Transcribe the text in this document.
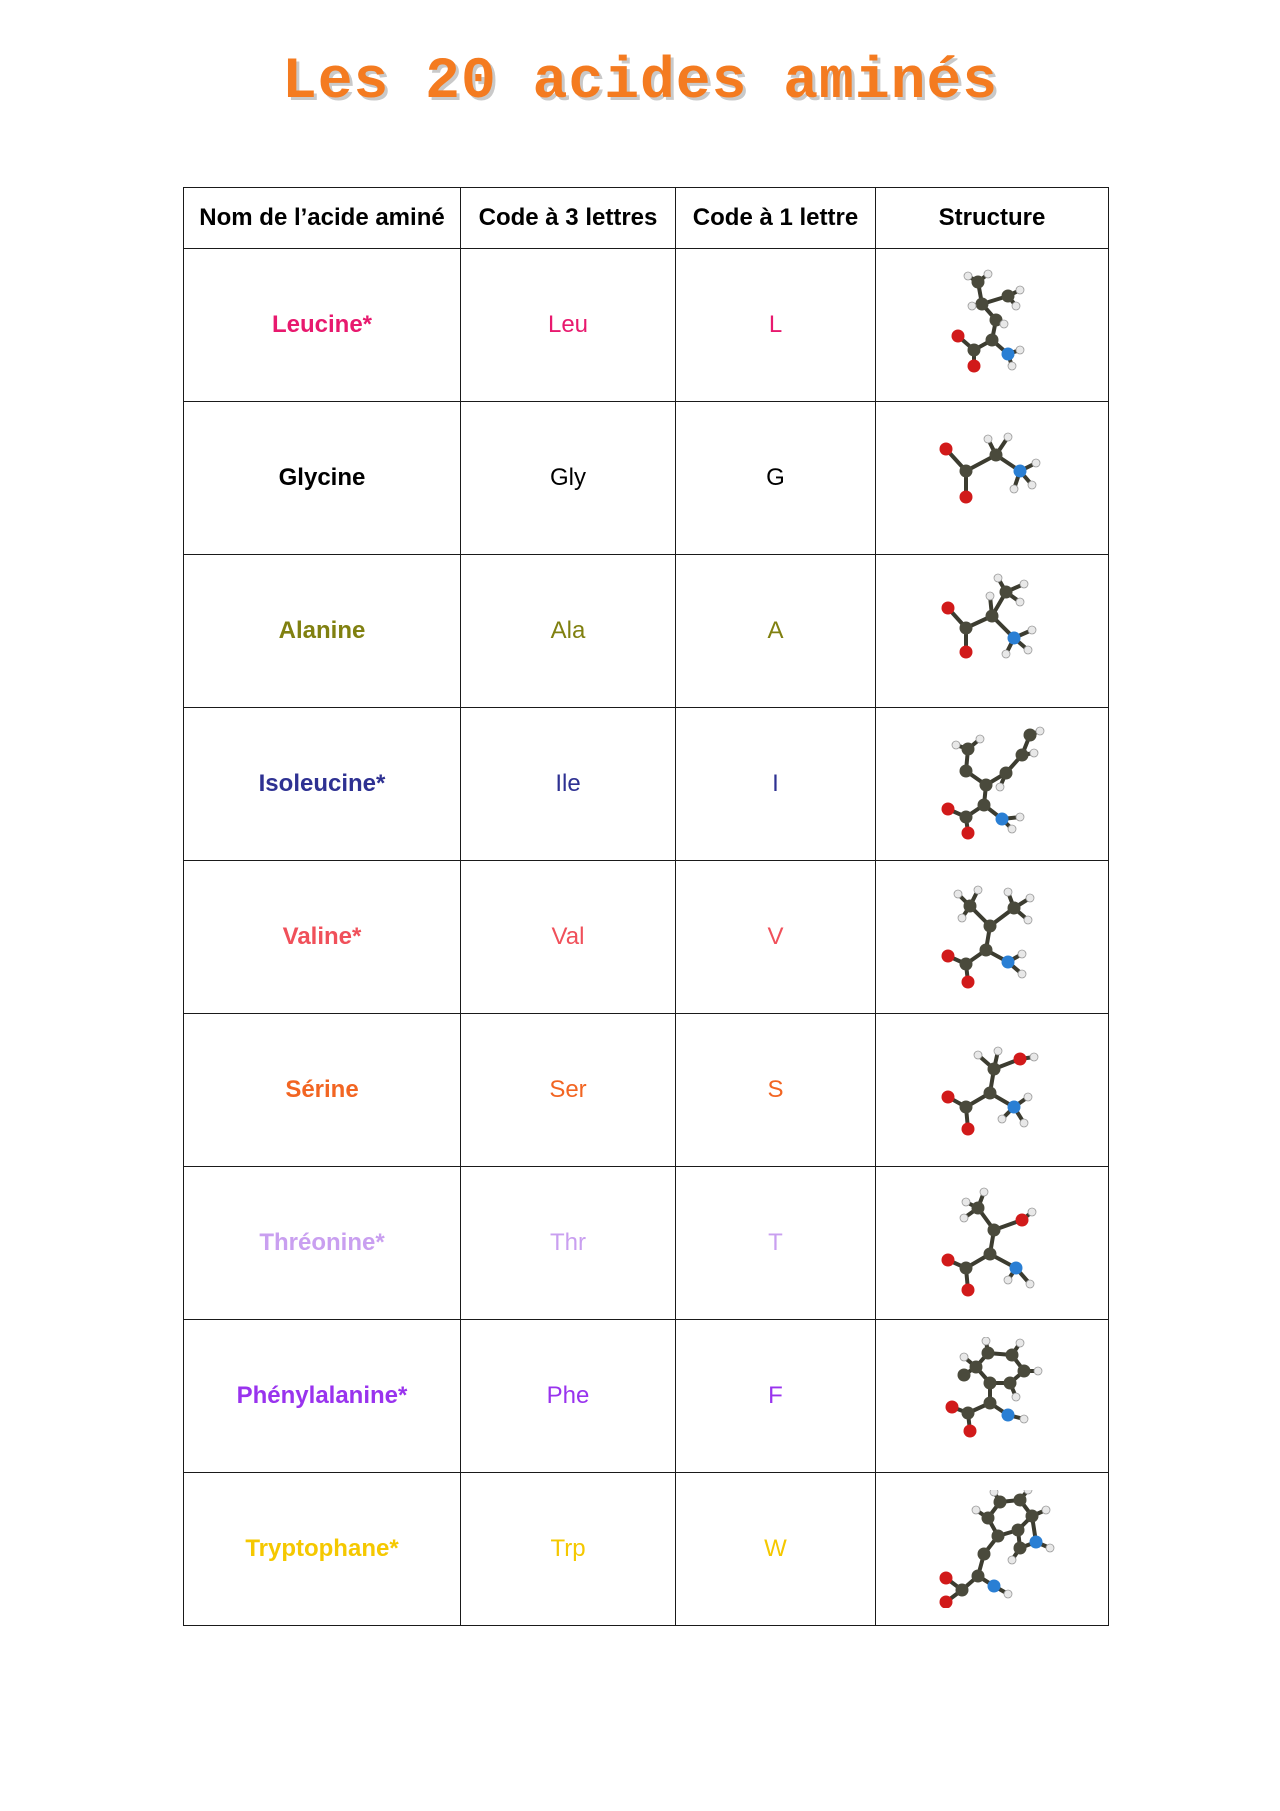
Les 20 acides aminés
Nom de l’acide aminé	Code à 3 lettres	Code à 1 lettre	Structure
Leucine*	Leu	L	

Glycine	Gly	G	

Alanine	Ala	A	

Isoleucine*	Ile	I	

Valine*	Val	V	

Sérine	Ser	S	

Thréonine*	Thr	T	

Phénylalanine*	Phe	F	

Tryptophane*	Trp	W	
